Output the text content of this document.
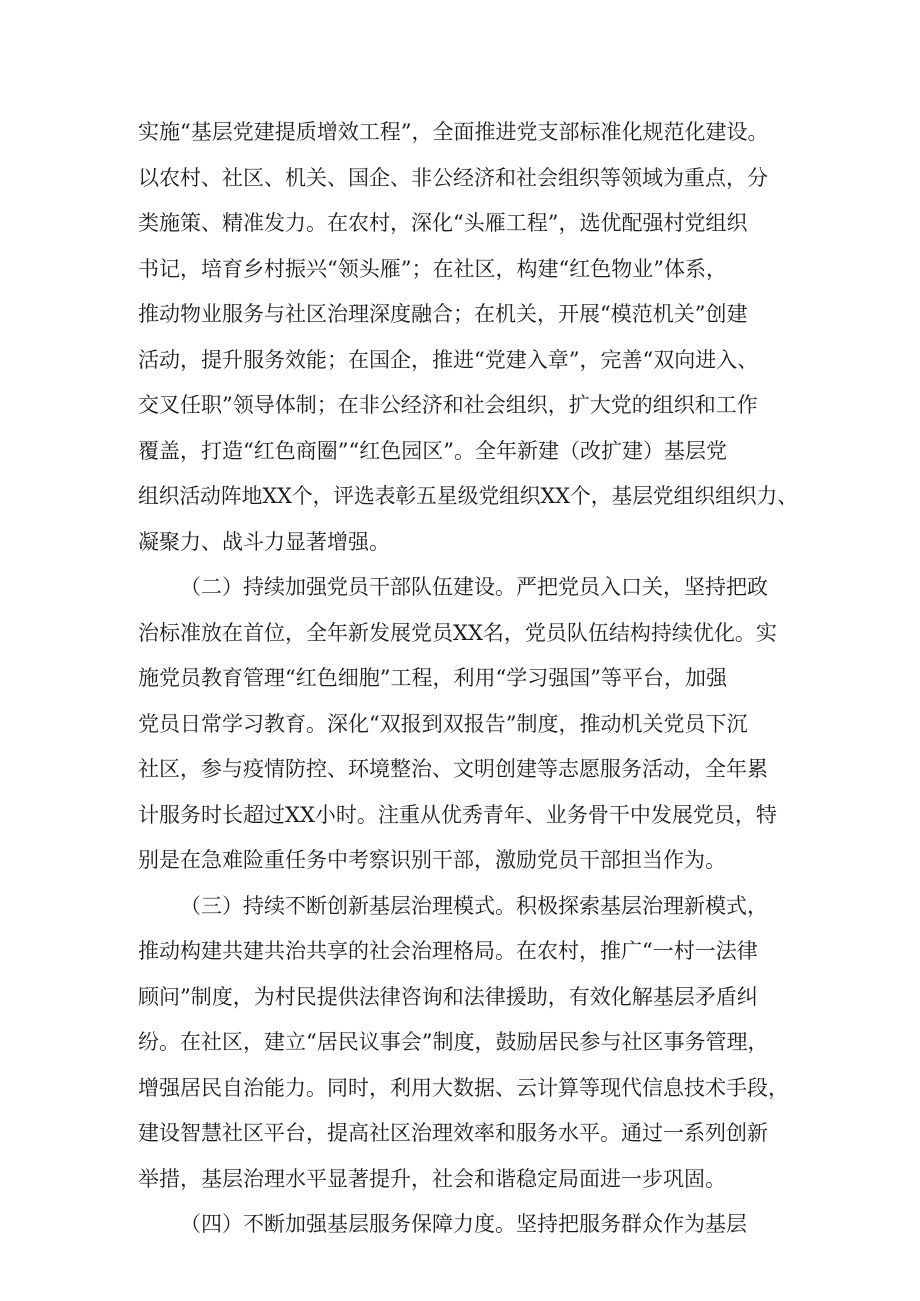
实施“基层党建提质增效工程”，全面推进党支部标准化规范化建设。
以农村、社区、机关、国企、非公经济和社会组织等领域为重点，分
类施策、精准发力。在农村，深化“头雁工程”，选优配强村党组织
书记，培育乡村振兴“领头雁”；在社区，构建“红色物业”体系，
推动物业服务与社区治理深度融合；在机关，开展“模范机关”创建
活动，提升服务效能；在国企，推进“党建入章”，完善“双向进入、
交叉任职”领导体制；在非公经济和社会组织，扩大党的组织和工作
覆盖，打造“红色商圈”“红色园区”。全年新建（改扩建）基层党
组织活动阵地XX个，评选表彰五星级党组织XX个，基层党组织组织力、
凝聚力、战斗力显著增强。
（二）持续加强党员干部队伍建设。严把党员入口关，坚持把政
治标准放在首位，全年新发展党员XX名，党员队伍结构持续优化。实
施党员教育管理“红色细胞”工程，利用“学习强国”等平台，加强
党员日常学习教育。深化“双报到双报告”制度，推动机关党员下沉
社区，参与疫情防控、环境整治、文明创建等志愿服务活动，全年累
计服务时长超过XX小时。注重从优秀青年、业务骨干中发展党员，特
别是在急难险重任务中考察识别干部，激励党员干部担当作为。
（三）持续不断创新基层治理模式。积极探索基层治理新模式，
推动构建共建共治共享的社会治理格局。在农村，推广“一村一法律
顾问”制度，为村民提供法律咨询和法律援助，有效化解基层矛盾纠
纷。在社区，建立“居民议事会”制度，鼓励居民参与社区事务管理，
增强居民自治能力。同时，利用大数据、云计算等现代信息技术手段，
建设智慧社区平台，提高社区治理效率和服务水平。通过一系列创新
举措，基层治理水平显著提升，社会和谐稳定局面进一步巩固。
（四）不断加强基层服务保障力度。坚持把服务群众作为基层
